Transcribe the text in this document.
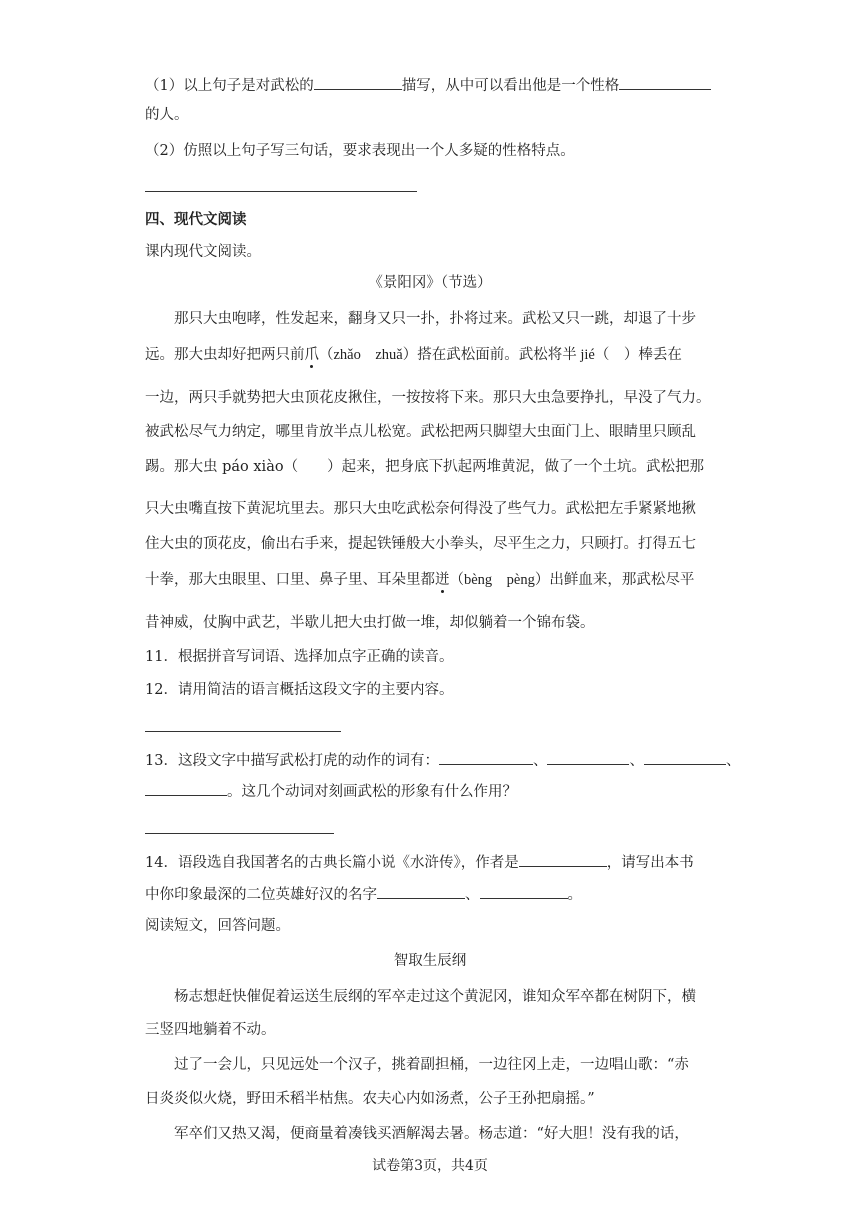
（1）以上句子是对武松的	描写，从中可以看出他是一个性格
的人。
（2）仿照以上句子写三句话，要求表现出一个人多疑的性格特点。
四、现代文阅读
课内现代文阅读。
《景阳冈》（节选）
那只大虫咆哮，性发起来，翻身又只一扑，扑将过来。武松又只一跳，却退了十步
远。那大虫却好把两只前爪（zhǎo　zhuǎ）搭在武松面前。武松将半 jié（　）棒丢在
一边，两只手就势把大虫顶花皮揪住，一按按将下来。那只大虫急要挣扎，早没了气力。
被武松尽气力纳定，哪里肯放半点儿松宽。武松把两只脚望大虫面门上、眼睛里只顾乱
踢。那大虫 páo xiào（　　）起来，把身底下扒起两堆黄泥，做了一个土坑。武松把那
只大虫嘴直按下黄泥坑里去。那只大虫吃武松奈何得没了些气力。武松把左手紧紧地揪
住大虫的顶花皮，偷出右手来，提起铁锤般大小拳头，尽平生之力，只顾打。打得五七
十拳，那大虫眼里、口里、鼻子里、耳朵里都迸（bèng　pèng）出鲜血来，那武松尽平
昔神威，仗胸中武艺，半歇儿把大虫打做一堆，却似躺着一个锦布袋。
11．根据拼音写词语、选择加点字正确的读音。
12．请用简洁的语言概括这段文字的主要内容。
13．这段文字中描写武松打虎的动作的词有：	、	、	、
。这几个动词对刻画武松的形象有什么作用？
14．语段选自我国著名的古典长篇小说《水浒传》，作者是	，请写出本书
中你印象最深的二位英雄好汉的名字	、	。
阅读短文，回答问题。
智取生辰纲
杨志想赶快催促着运送生辰纲的军卒走过这个黄泥冈，谁知众军卒都在树阴下，横
三竖四地躺着不动。
过了一会儿，只见远处一个汉子，挑着副担桶，一边往冈上走，一边唱山歌：“赤
日炎炎似火烧，野田禾稻半枯焦。农夫心内如汤煮，公子王孙把扇摇。”
军卒们又热又渴，便商量着凑钱买酒解渴去暑。杨志道：“好大胆！没有我的话，
试卷第3页，共4页
